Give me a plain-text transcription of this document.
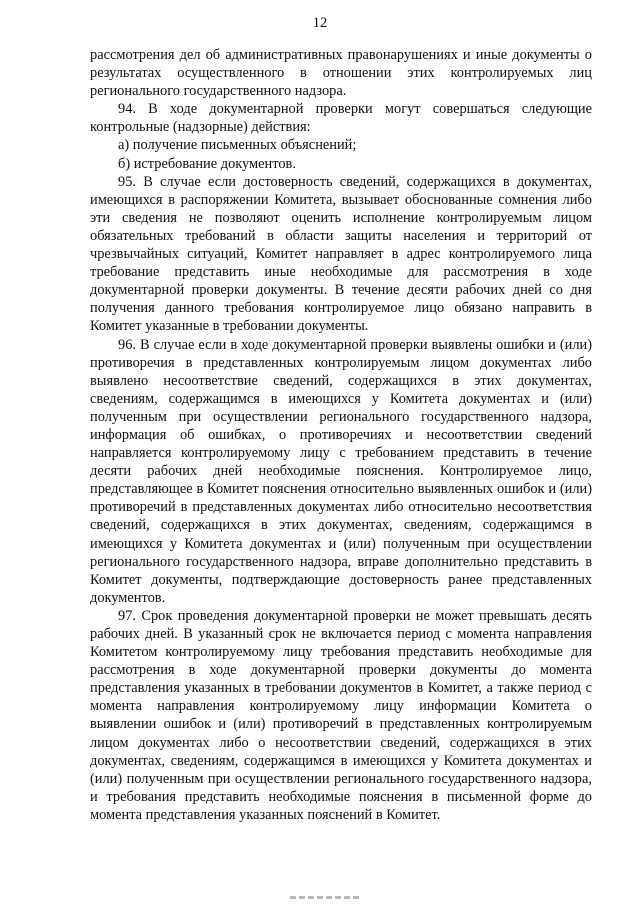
12

рассмотрения дел об административных правонарушениях и иные документы о результатах осуществленного в отношении этих контролируемых лиц регионального государственного надзора.

94. В ходе документарной проверки могут совершаться следующие контрольные (надзорные) действия:

а) получение письменных объяснений;

б) истребование документов.

95. В случае если достоверность сведений, содержащихся в документах, имеющихся в распоряжении Комитета, вызывает обоснованные сомнения либо эти сведения не позволяют оценить исполнение контролируемым лицом обязательных требований в области защиты населения и территорий от чрезвычайных ситуаций, Комитет направляет в адрес контролируемого лица требование представить иные необходимые для рассмотрения в ходе документарной проверки документы. В течение десяти рабочих дней со дня получения данного требования контролируемое лицо обязано направить в Комитет указанные в требовании документы.

96. В случае если в ходе документарной проверки выявлены ошибки и (или) противоречия в представленных контролируемым лицом документах либо выявлено несоответствие сведений, содержащихся в этих документах, сведениям, содержащимся в имеющихся у Комитета документах и (или) полученным при осуществлении регионального государственного надзора, информация об ошибках, о противоречиях и несоответствии сведений направляется контролируемому лицу с требованием представить в течение десяти рабочих дней необходимые пояснения. Контролируемое лицо, представляющее в Комитет пояснения относительно выявленных ошибок и (или) противоречий в представленных документах либо относительно несоответствия сведений, содержащихся в этих документах, сведениям, содержащимся в имеющихся у Комитета документах и (или) полученным при осуществлении регионального государственного надзора, вправе дополнительно представить в Комитет документы, подтверждающие достоверность ранее представленных документов.

97. Срок проведения документарной проверки не может превышать десять рабочих дней. В указанный срок не включается период с момента направления Комитетом контролируемому лицу требования представить необходимые для рассмотрения в ходе документарной проверки документы до момента представления указанных в требовании документов в Комитет, а также период с момента направления контролируемому лицу информации Комитета о выявлении ошибок и (или) противоречий в представленных контролируемым лицом документах либо о несоответствии сведений, содержащихся в этих документах, сведениям, содержащимся в имеющихся у Комитета документах и (или) полученным при осуществлении регионального государственного надзора, и требования представить необходимые пояснения в письменной форме до момента представления указанных пояснений в Комитет.
